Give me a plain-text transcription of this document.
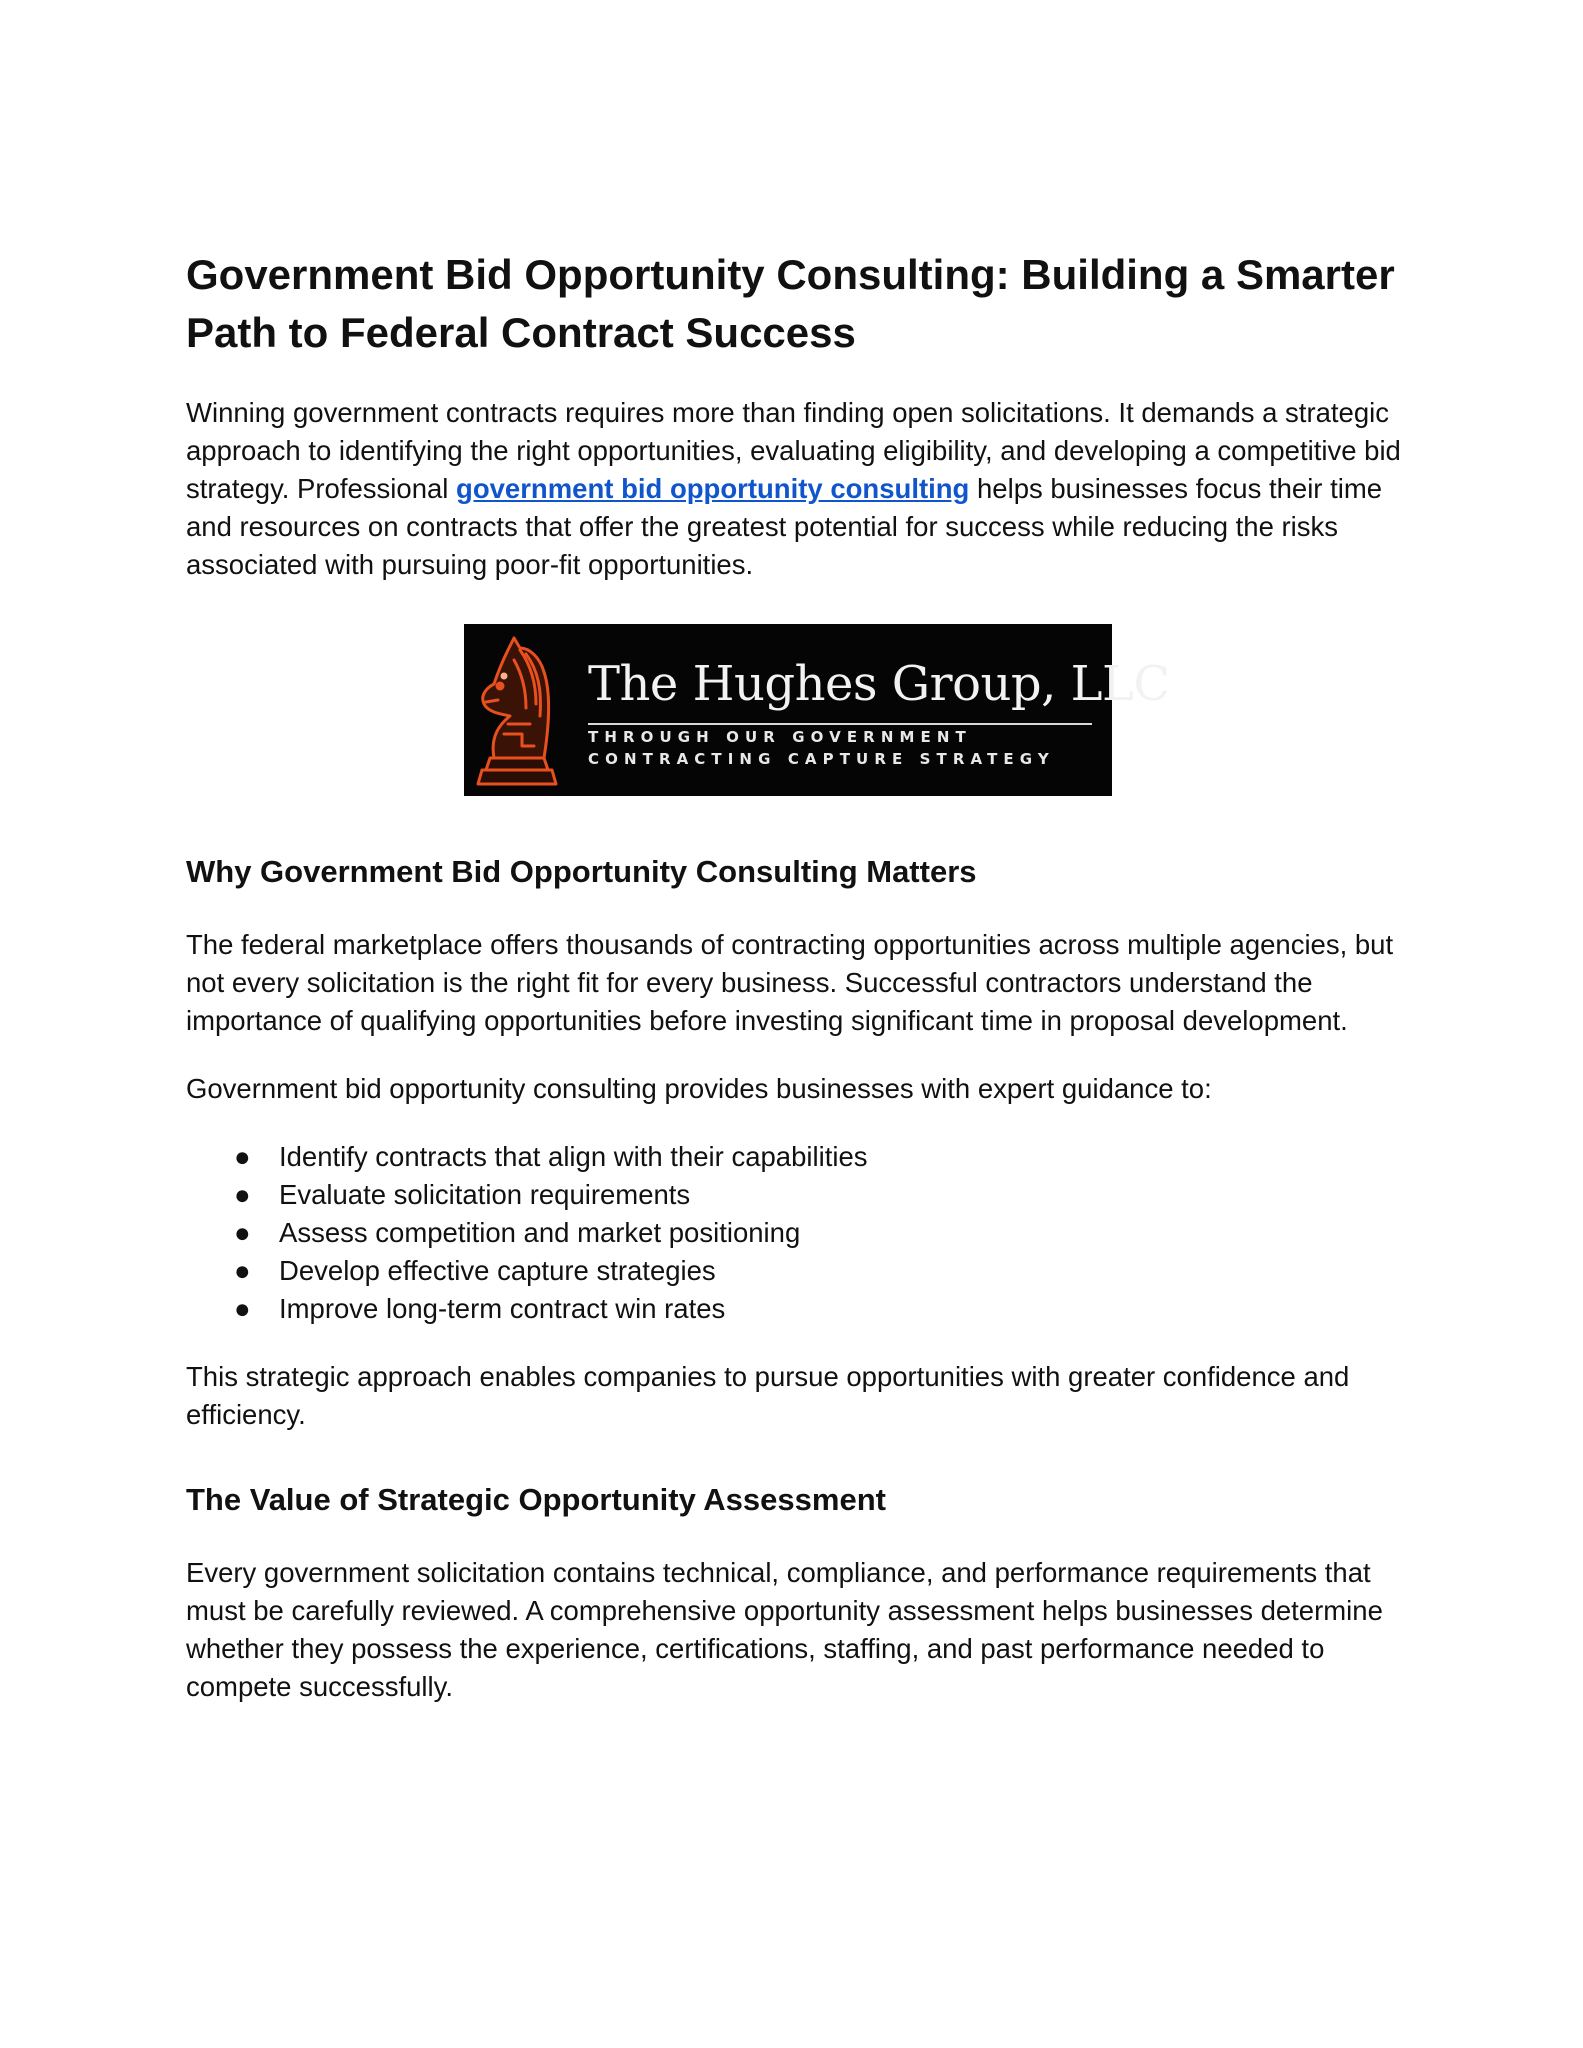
Government Bid Opportunity Consulting: Building a Smarter Path to Federal Contract Success

Winning government contracts requires more than finding open solicitations. It demands a strategic approach to identifying the right opportunities, evaluating eligibility, and developing a competitive bid strategy. Professional government bid opportunity consulting helps businesses focus their time and resources on contracts that offer the greatest potential for success while reducing the risks associated with pursuing poor-fit opportunities.

The Hughes Group, LLC
THROUGH OUR GOVERNMENT
CONTRACTING CAPTURE STRATEGY
Why Government Bid Opportunity Consulting Matters

The federal marketplace offers thousands of contracting opportunities across multiple agencies, but not every solicitation is the right fit for every business. Successful contractors understand the importance of qualifying opportunities before investing significant time in proposal development.

Government bid opportunity consulting provides businesses with expert guidance to:

● Identify contracts that align with their capabilities
● Evaluate solicitation requirements
● Assess competition and market positioning
● Develop effective capture strategies
● Improve long-term contract win rates

This strategic approach enables companies to pursue opportunities with greater confidence and efficiency.

The Value of Strategic Opportunity Assessment

Every government solicitation contains technical, compliance, and performance requirements that must be carefully reviewed. A comprehensive opportunity assessment helps businesses determine whether they possess the experience, certifications, staffing, and past performance needed to compete successfully.
